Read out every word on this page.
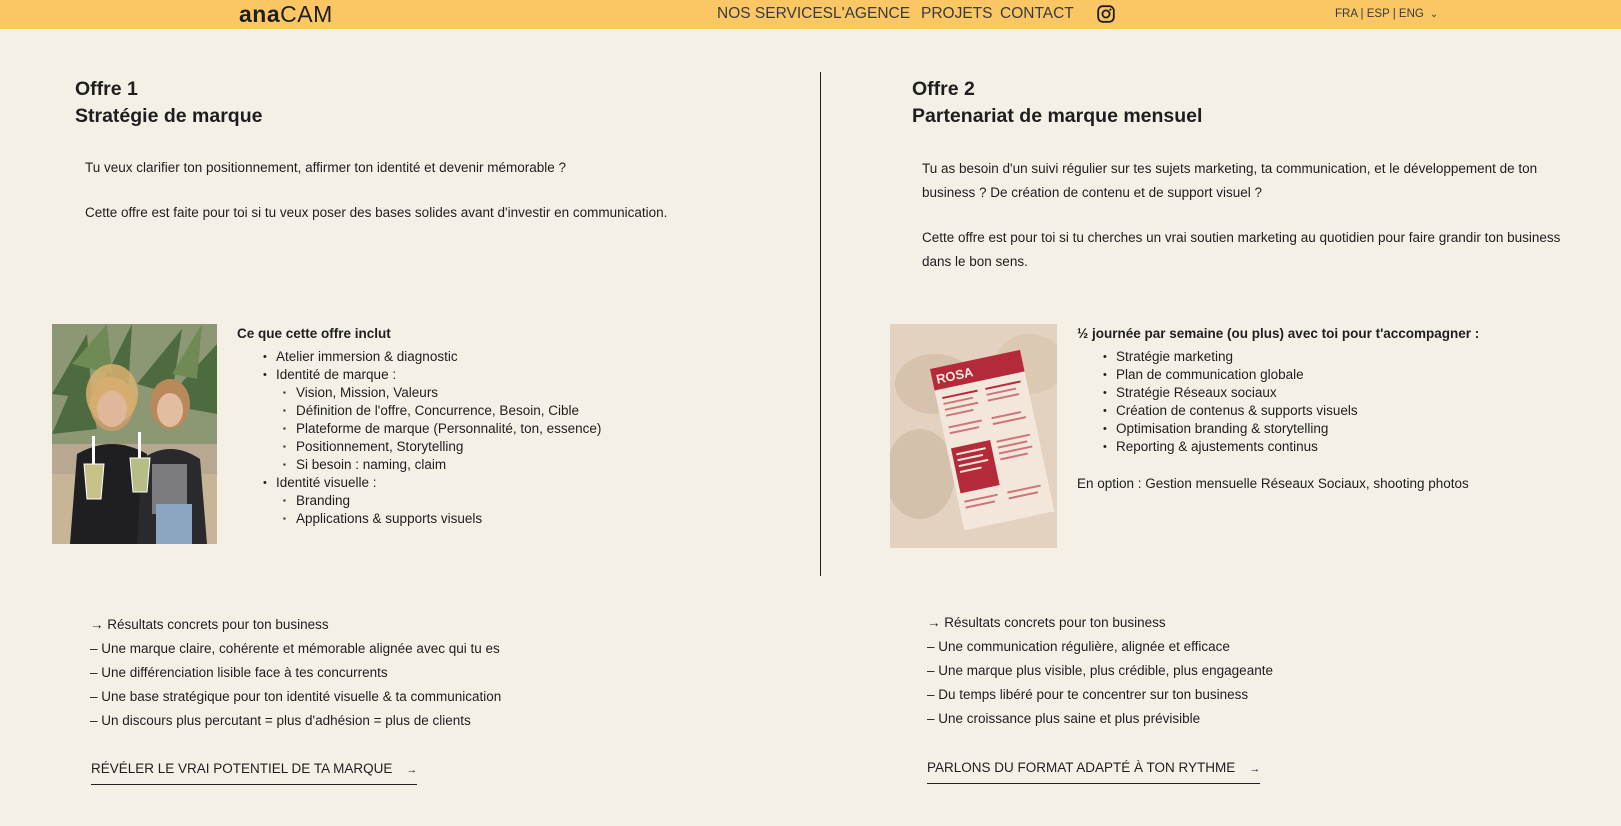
anaCAM	NOS SERVICES L'AGENCE PROJETS CONTACT	FRA | ESP | ENG ⌄
Offre 1
Stratégie de marque

Tu veux clarifier ton positionnement, affirmer ton identité et devenir mémorable ?

Cette offre est faite pour toi si tu veux poser des bases solides avant d'investir en communication.

Ce que cette offre inclut
• Atelier immersion & diagnostic
• Identité de marque :
▪ Vision, Mission, Valeurs
▪ Définition de l'offre, Concurrence, Besoin, Cible
▪ Plateforme de marque (Personnalité, ton, essence)
▪ Positionnement, Storytelling
▪ Si besoin : naming, claim
• Identité visuelle :
▪ Branding
▪ Applications & supports visuels
→ Résultats concrets pour ton business
– Une marque claire, cohérente et mémorable alignée avec qui tu es
– Une différenciation lisible face à tes concurrents
– Une base stratégique pour ton identité visuelle & ta communication
– Un discours plus percutant = plus d'adhésion = plus de clients
RÉVÉLER LE VRAI POTENTIEL DE TA MARQUE →
Offre 2
Partenariat de marque mensuel

Tu as besoin d'un suivi régulier sur tes sujets marketing, ta communication, et le développement de ton business ? De création de contenu et de support visuel ?

Cette offre est pour toi si tu cherches un vrai soutien marketing au quotidien pour faire grandir ton business dans le bon sens.

ROSA
½ journée par semaine (ou plus) avec toi pour t'accompagner :
• Stratégie marketing
• Plan de communication globale
• Stratégie Réseaux sociaux
• Création de contenus & supports visuels
• Optimisation branding & storytelling
• Reporting & ajustements continus
En option : Gestion mensuelle Réseaux Sociaux, shooting photos
→ Résultats concrets pour ton business
– Une communication régulière, alignée et efficace
– Une marque plus visible, plus crédible, plus engageante
– Du temps libéré pour te concentrer sur ton business
– Une croissance plus saine et plus prévisible
PARLONS DU FORMAT ADAPTÉ À TON RYTHME →
